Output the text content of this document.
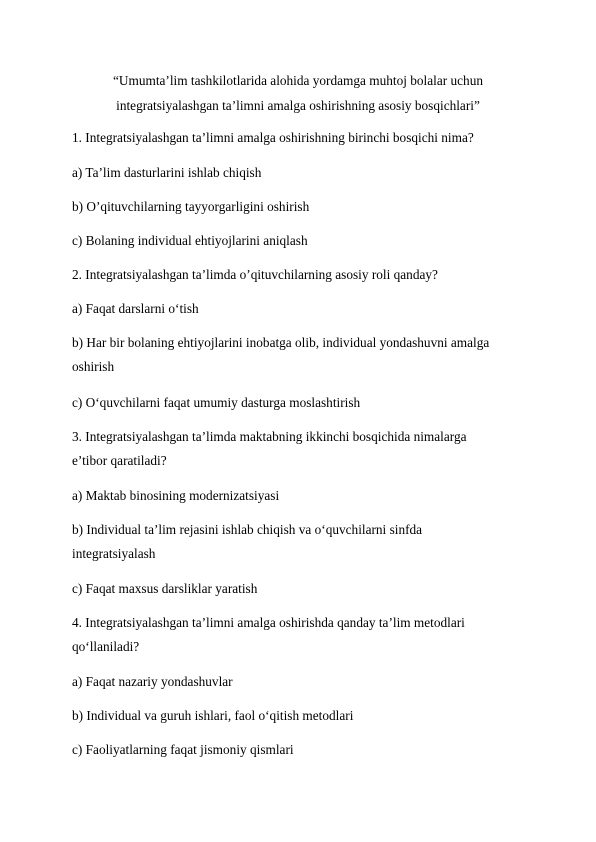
“Umumta’lim tashkilotlarida alohida yordamga muhtoj bolalar uchun
integratsiyalashgan ta’limni amalga oshirishning asosiy bosqichlari”
1. Integratsiyalashgan ta’limni amalga oshirishning birinchi bosqichi nima?
a) Ta’lim dasturlarini ishlab chiqish
b) O’qituvchilarning tayyorgarligini oshirish
c) Bolaning individual ehtiyojlarini aniqlash
2. Integratsiyalashgan ta’limda o’qituvchilarning asosiy roli qanday?
a) Faqat darslarni o‘tish
b) Har bir bolaning ehtiyojlarini inobatga olib, individual yondashuvni amalga
oshirish
c) O‘quvchilarni faqat umumiy dasturga moslashtirish
3. Integratsiyalashgan ta’limda maktabning ikkinchi bosqichida nimalarga
e’tibor qaratiladi?
a) Maktab binosining modernizatsiyasi
b) Individual ta’lim rejasini ishlab chiqish va o‘quvchilarni sinfda
integratsiyalash
c) Faqat maxsus darsliklar yaratish
4. Integratsiyalashgan ta’limni amalga oshirishda qanday ta’lim metodlari
qo‘llaniladi?
a) Faqat nazariy yondashuvlar
b) Individual va guruh ishlari, faol o‘qitish metodlari
c) Faoliyatlarning faqat jismoniy qismlari
